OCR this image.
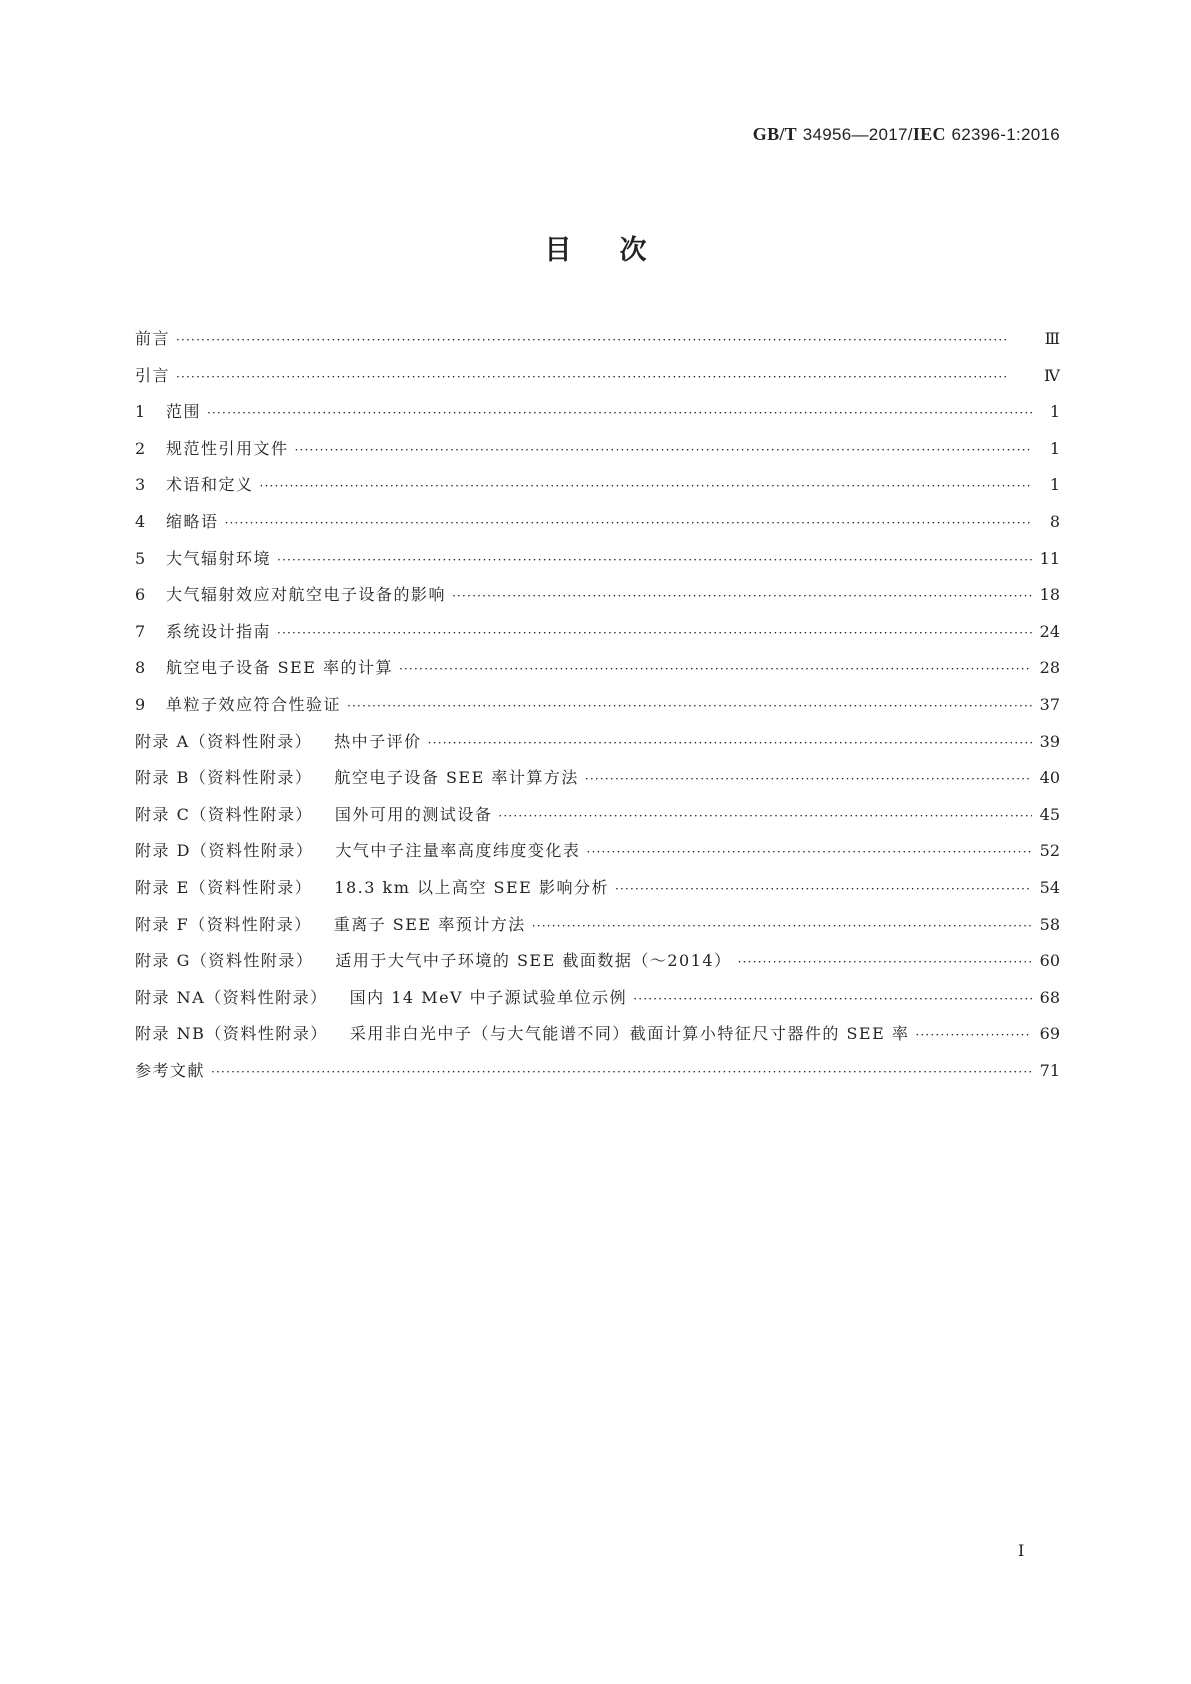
GB/T 34956—2017/IEC 62396-1:2016
目次
前言 ·····	Ⅲ
引言 ·····	Ⅳ
1	范围 ·····	1
2	规范性引用文件 ·····	1
3	术语和定义 ·····	1
4	缩略语 ·····	8
5	大气辐射环境 ·····	11
6	大气辐射效应对航空电子设备的影响 ·····	18
7	系统设计指南 ·····	24
8	航空电子设备 SEE 率的计算 ·····	28
9	单粒子效应符合性验证 ·····	37
附录 A（资料性附录） 热中子评价 ·····	39
附录 B（资料性附录） 航空电子设备 SEE 率计算方法 ·····	40
附录 C（资料性附录） 国外可用的测试设备 ·····	45
附录 D（资料性附录） 大气中子注量率高度纬度变化表 ·····	52
附录 E（资料性附录） 18.3 km 以上高空 SEE 影响分析 ·····	54
附录 F（资料性附录） 重离子 SEE 率预计方法 ·····	58
附录 G（资料性附录） 适用于大气中子环境的 SEE 截面数据（～2014） ·····	60
附录 NA（资料性附录） 国内 14 MeV 中子源试验单位示例 ·····	68
附录 NB（资料性附录） 采用非白光中子（与大气能谱不同）截面计算小特征尺寸器件的 SEE 率 ·····	69
参考文献 ·····	71
I
